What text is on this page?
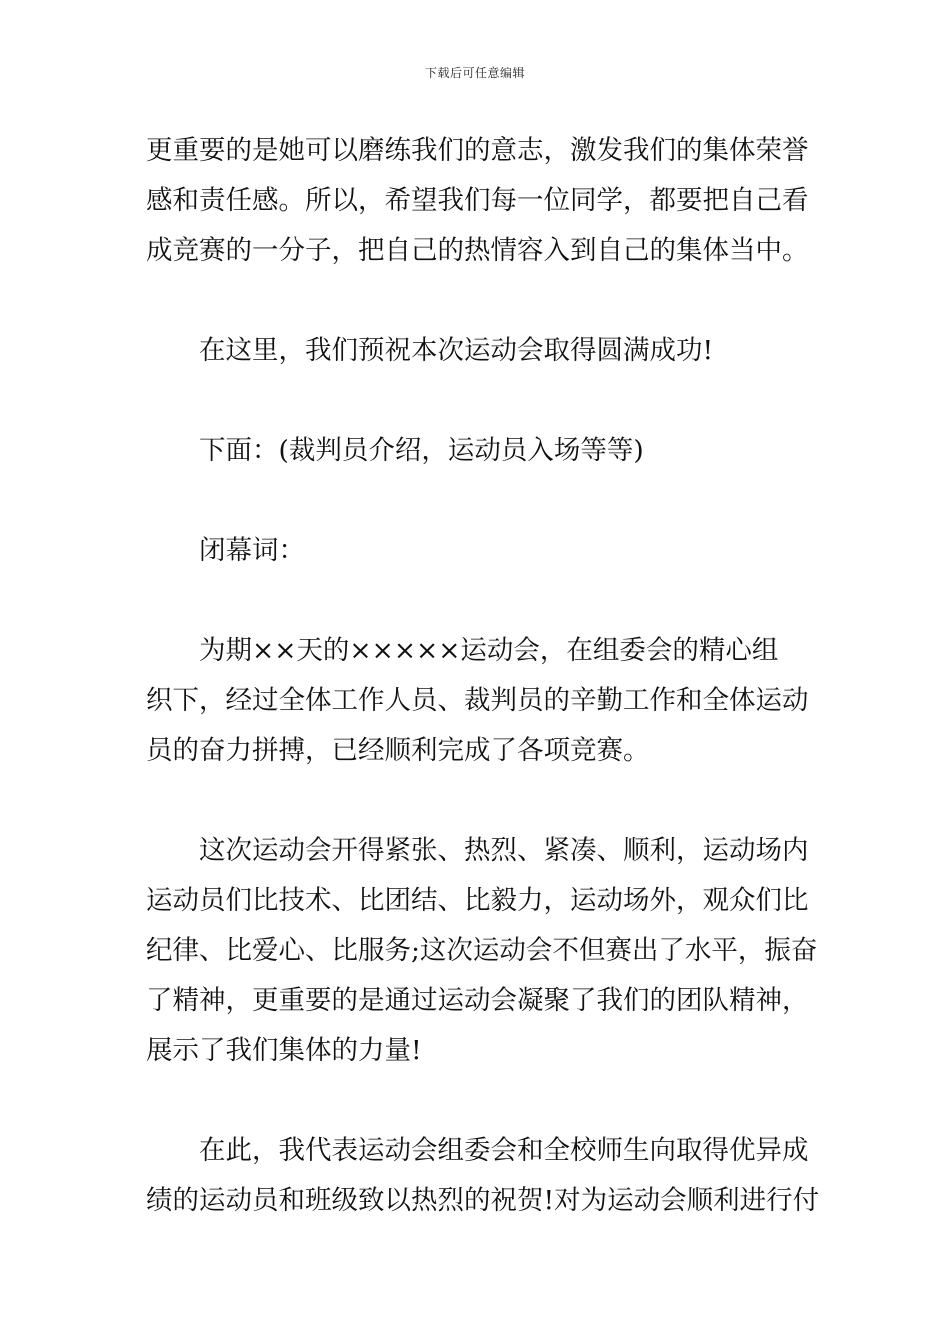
下载后可任意编辑
更重要的是她可以磨练我们的意志，激发我们的集体荣誉
感和责任感。所以，希望我们每一位同学，都要把自己看
成竞赛的一分子，把自己的热情容入到自己的集体当中。
在这里，我们预祝本次运动会取得圆满成功!
下面：(裁判员介绍，运动员入场等等)
闭幕词：
为期××天的×××××运动会，在组委会的精心组
织下，经过全体工作人员、裁判员的辛勤工作和全体运动
员的奋力拼搏，已经顺利完成了各项竞赛。
这次运动会开得紧张、热烈、紧凑、顺利，运动场内
运动员们比技术、比团结、比毅力，运动场外，观众们比
纪律、比爱心、比服务;这次运动会不但赛出了水平，振奋
了精神，更重要的是通过运动会凝聚了我们的团队精神，
展示了我们集体的力量!
在此，我代表运动会组委会和全校师生向取得优异成
绩的运动员和班级致以热烈的祝贺!对为运动会顺利进行付
